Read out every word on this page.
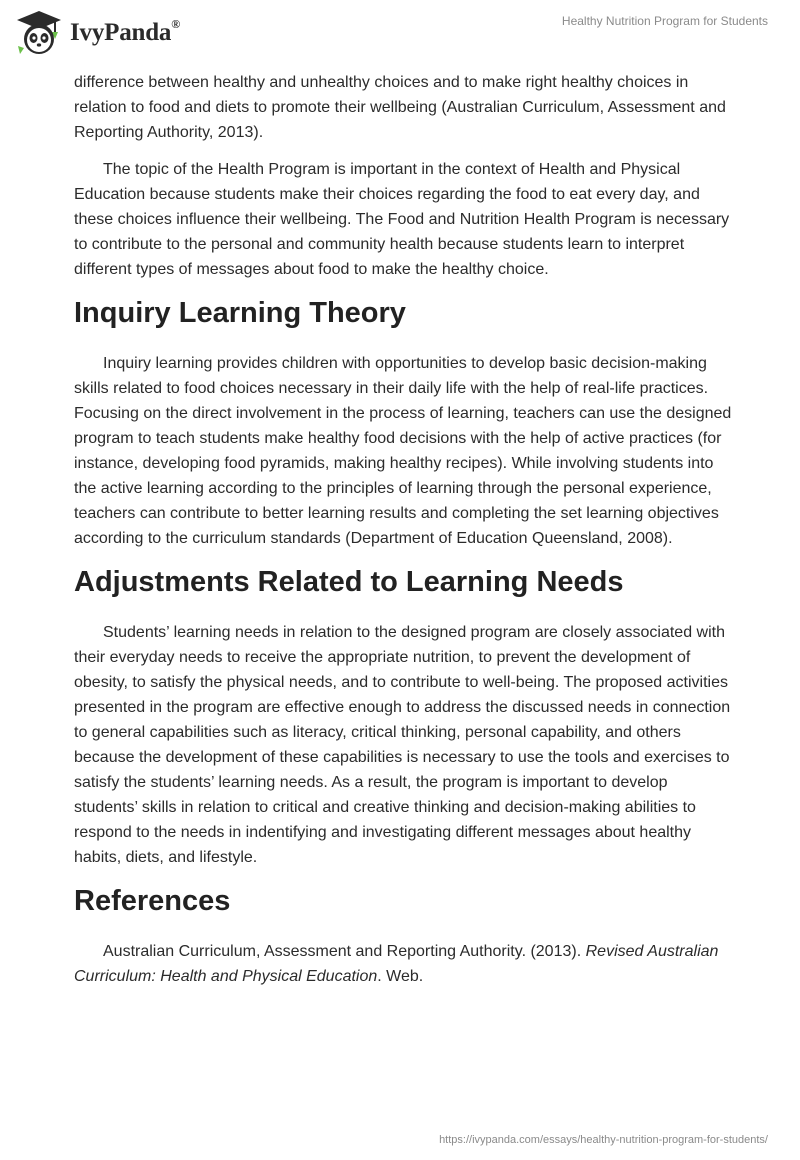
IvyPanda®	Healthy Nutrition Program for Students

difference between healthy and unhealthy choices and to make right healthy choices in relation to food and diets to promote their wellbeing (Australian Curriculum, Assessment and Reporting Authority, 2013).

The topic of the Health Program is important in the context of Health and Physical Education because students make their choices regarding the food to eat every day, and these choices influence their wellbeing. The Food and Nutrition Health Program is necessary to contribute to the personal and community health because students learn to interpret different types of messages about food to make the healthy choice.

Inquiry Learning Theory

Inquiry learning provides children with opportunities to develop basic decision-making skills related to food choices necessary in their daily life with the help of real-life practices. Focusing on the direct involvement in the process of learning, teachers can use the designed program to teach students make healthy food decisions with the help of active practices (for instance, developing food pyramids, making healthy recipes). While involving students into the active learning according to the principles of learning through the personal experience, teachers can contribute to better learning results and completing the set learning objectives according to the curriculum standards (Department of Education Queensland, 2008).

Adjustments Related to Learning Needs

Students’ learning needs in relation to the designed program are closely associated with their everyday needs to receive the appropriate nutrition, to prevent the development of obesity, to satisfy the physical needs, and to contribute to well-being. The proposed activities presented in the program are effective enough to address the discussed needs in connection to general capabilities such as literacy, critical thinking, personal capability, and others because the development of these capabilities is necessary to use the tools and exercises to satisfy the students’ learning needs. As a result, the program is important to develop students’ skills in relation to critical and creative thinking and decision-making abilities to respond to the needs in indentifying and investigating different messages about healthy habits, diets, and lifestyle.

References

Australian Curriculum, Assessment and Reporting Authority. (2013). Revised Australian Curriculum: Health and Physical Education. Web.

https://ivypanda.com/essays/healthy-nutrition-program-for-students/
